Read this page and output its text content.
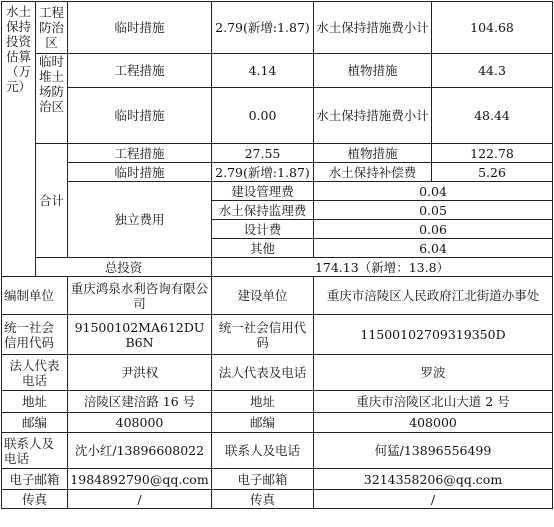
水土保持投资估算（万元）	工程防治区	临时措施	2.79(新增:1.87)	水土保持措施费小计	104.68
	临时堆土场防治区	工程措施	4.14	植物措施	44.3
		临时措施	0.00	水土保持措施费小计	48.44
	合计	工程措施	27.55	植物措施	122.78
		临时措施	2.79(新增:1.87)	水土保持补偿费	5.26
		独立费用	建设管理费	0.04	
			水土保持监理费	0.05	
			设计费	0.06	
			其他	6.04	
	总投资		174.13（新增：13.8）		
编制单位		重庆鸿泉水利咨询有限公司	建设单位	重庆市涪陵区人民政府江北街道办事处	
统一社会信用代码		91500102MA612DUB6N	统一社会信用代码	11500102709319350D	
法人代表电话		尹洪权	法人代表及电话	罗波	
地址		涪陵区建涪路 16 号	地址	重庆市涪陵区北山大道 2 号	
邮编		408000	邮编	408000	
联系人及电话		沈小红/13896608022	联系人及电话	何猛/13896556499	
电子邮箱		1984892790@qq.com	电子邮箱	3214358206@qq.com	
传真		/	传真	/	
